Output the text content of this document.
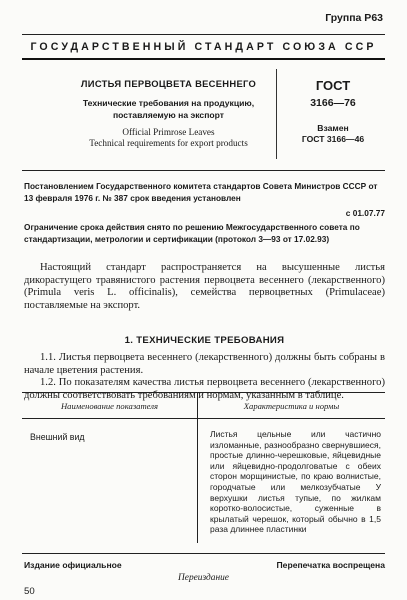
Группа P63
ГОСУДАРСТВЕННЫЙ СТАНДАРТ СОЮЗА ССР
ЛИСТЬЯ ПЕРВОЦВЕТА ВЕСЕННЕГО
Технические требования на продукцию,
поставляемую на экспорт
Official Primrose Leaves
Technical requirements for export products
ГОСТ
3166—76
Взамен
ГОСТ 3166—46
Постановлением Государственного комитета стандартов Совета Министров СССР от 13 февраля 1976 г. № 387 срок введения установлен
с 01.07.77
Ограничение срока действия снято по решению Межгосударственного совета по стандартизации, метрологии и сертификации (протокол 3—93 от 17.02.93)
Настоящий стандарт распространяется на высушенные листья дикорастущего травянистого растения первоцвета весеннего (лекарственного) (Primula veris L. officinalis), семейства первоцветных (Primulaceae) поставляемые на экспорт.
1. ТЕХНИЧЕСКИЕ ТРЕБОВАНИЯ
1.1. Листья первоцвета весеннего (лекарственного) должны быть собраны в начале цветения растения.
Наименование показателя	Характеристика и нормы
Внешний вид	Листья цельные или частично изломанные, разнообразно свернувшиеся, простые длинно-черешковые, яйцевидные или яйцевидно-продолговатые с обеих сторон морщинистые, по краю волнистые, городчатые или мелкозубчатые У верхушки листья тупые, по жилкам коротко-волосистые, суженные в крылатый черешок, который обычно в 1,5 раза длиннее пластинки
Издание официальное	Перепечатка воспрещена
Переиздание
50
1.2. По показателям качества листья первоцвета весеннего (лекарственного) должны соответствовать требованиям и нормам, указанным в таблице.
